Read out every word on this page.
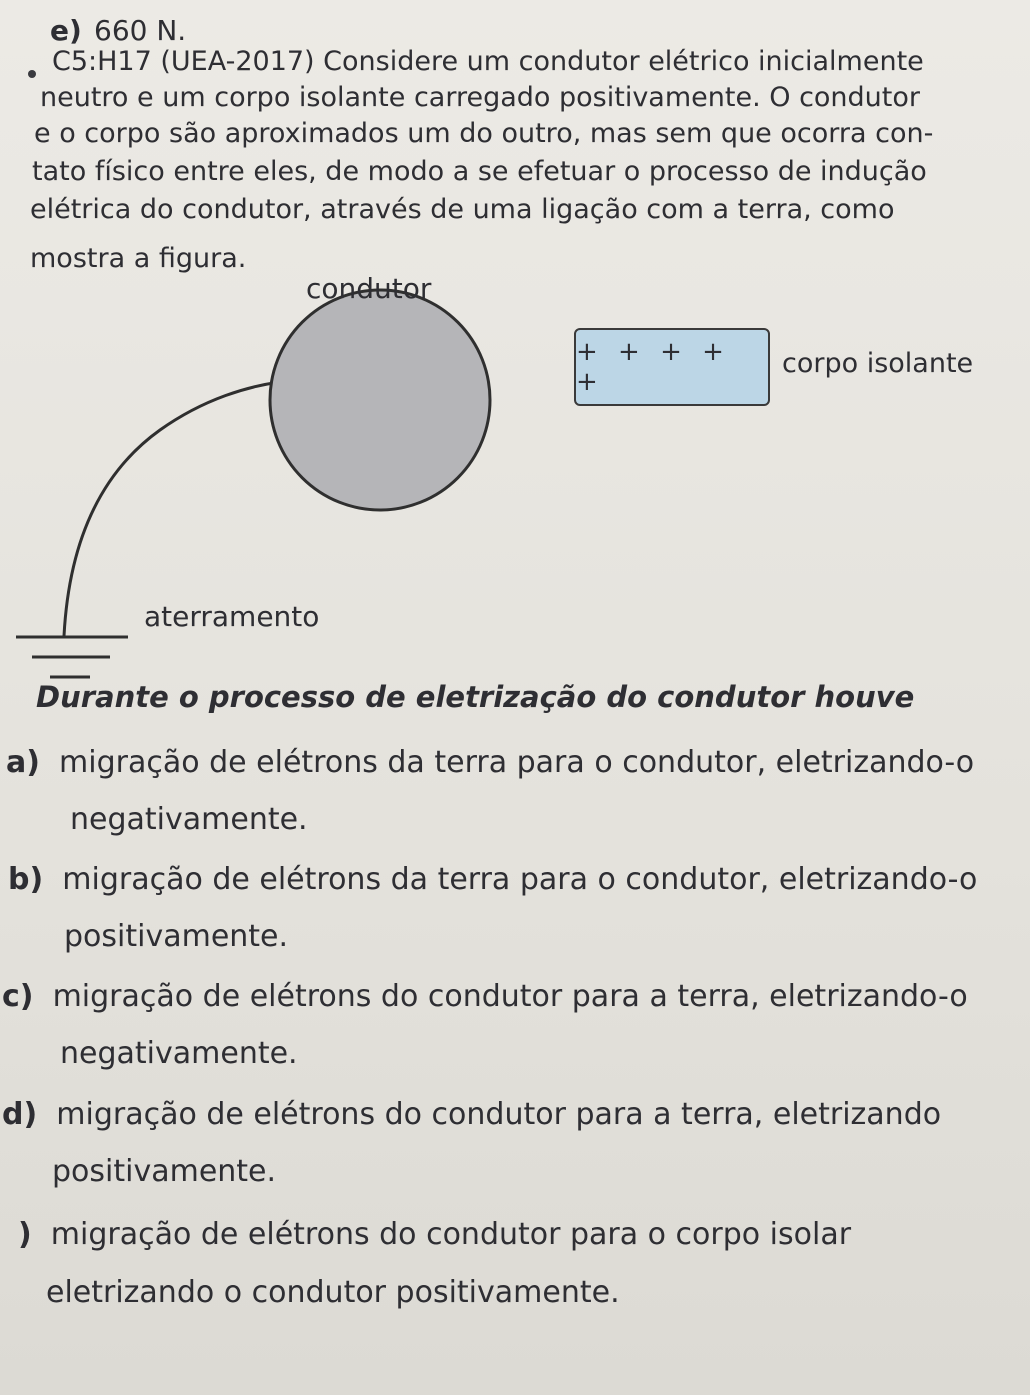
e) 660 N.
C5:H17 (UEA-2017) Considere um condutor elétrico inicialmente
neutro e um corpo isolante carregado positivamente. O condutor
e o corpo são aproximados um do outro, mas sem que ocorra con-
tato físico entre eles, de modo a se efetuar o processo de indução
elétrica do condutor, através de uma ligação com a terra, como
mostra a figura.
condutor
+ + + + +
corpo isolante
aterramento
Durante o processo de eletrização do condutor houve
a) migração de elétrons da terra para o condutor, eletrizando-o
negativamente.
b) migração de elétrons da terra para o condutor, eletrizando-o
positivamente.
c) migração de elétrons do condutor para a terra, eletrizando-o
negativamente.
d) migração de elétrons do condutor para a terra, eletrizando
positivamente.
) migração de elétrons do condutor para o corpo isolar
eletrizando o condutor positivamente.
